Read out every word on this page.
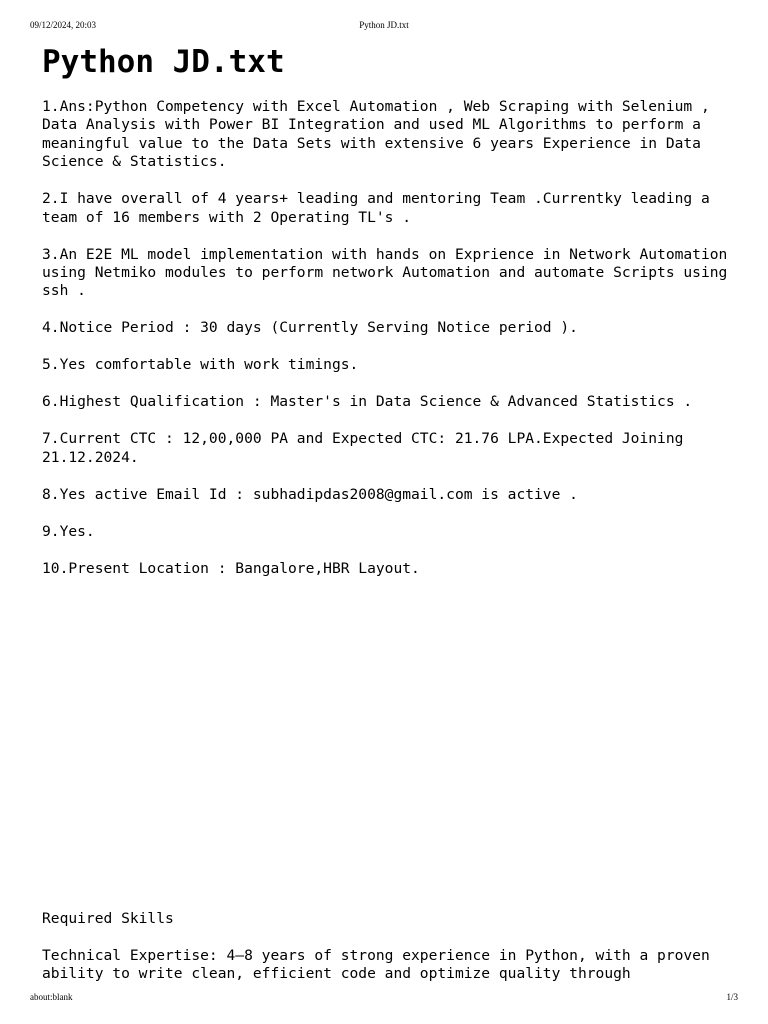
09/12/2024, 20:03	Python JD.txt
Python JD.txt

1.Ans:Python Competency with Excel Automation , Web Scraping with Selenium , Data Analysis with Power BI Integration and used ML Algorithms to perform a meaningful value to the Data Sets with extensive 6 years Experience in Data Science & Statistics.

2.I have overall of 4 years+ leading and mentoring Team .Currentky leading a team of 16 members with 2 Operating TL's .

3.An E2E ML model implementation with hands on Exprience in Network Automation using Netmiko modules to perform network Automation and automate Scripts using ssh .

4.Notice Period : 30 days (Currently Serving Notice period ).

5.Yes comfortable with work timings.

6.Highest Qualification : Master's in Data Science & Advanced Statistics .

7.Current CTC : 12,00,000 PA and Expected CTC: 21.76 LPA.Expected Joining 21.12.2024.

8.Yes active Email Id : subhadipdas2008@gmail.com is active .

9.Yes.

10.Present Location : Bangalore,HBR Layout.

Required Skills

Technical Expertise: 4–8 years of strong experience in Python, with a proven ability to write clean, efficient code and optimize quality through

about:blank	1/3
